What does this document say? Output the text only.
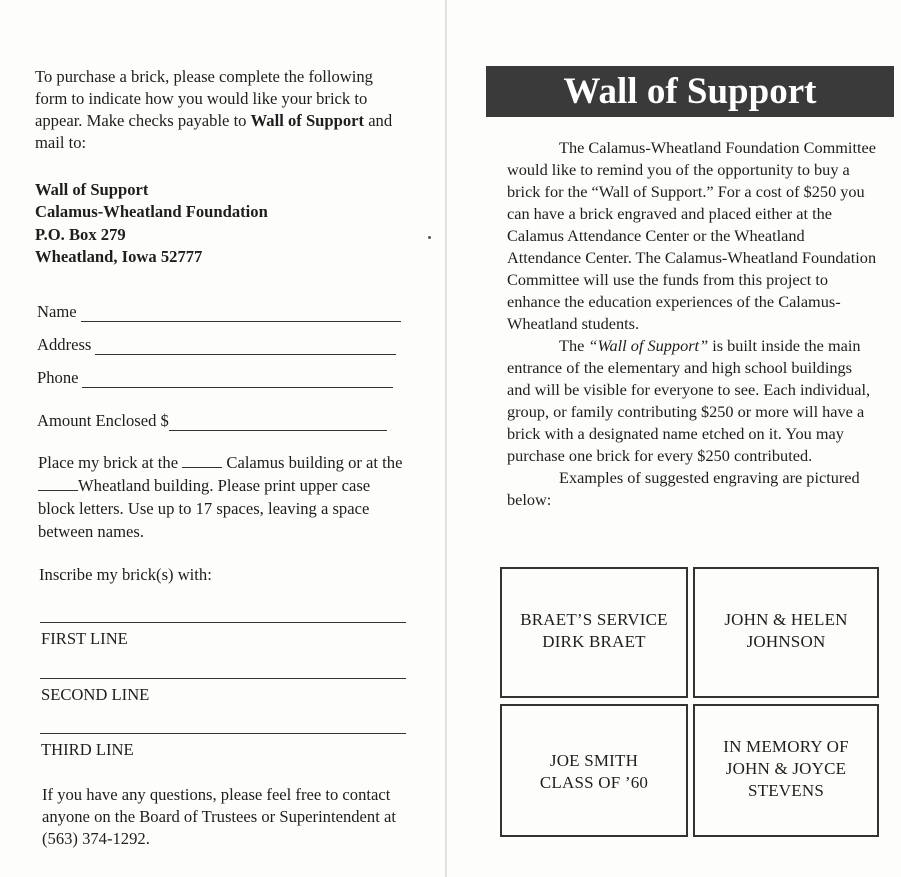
To purchase a brick, please complete the following form to indicate how you would like your brick to appear. Make checks payable to Wall of Support and mail to:

Wall of Support
Calamus-Wheatland Foundation
P.O. Box 279
Wheatland, Iowa 52777
Name
Address
Phone
Amount Enclosed $

Place my brick at the	Calamus building or at the Wheatland building. Please print upper case block letters. Use up to 17 spaces, leaving a space between names.

Inscribe my brick(s) with:

FIRST LINE
SECOND LINE
THIRD LINE

If you have any questions, please feel free to contact anyone on the Board of Trustees or Superintendent at (563) 374-1292.

Wall of Support

The Calamus-Wheatland Foundation Committee would like to remind you of the opportunity to buy a brick for the “Wall of Support.” For a cost of $250 you can have a brick engraved and placed either at the Calamus Attendance Center or the Wheatland Attendance Center. The Calamus-Wheatland Foundation Committee will use the funds from this project to enhance the education experiences of the Calamus-Wheatland students.

The “Wall of Support” is built inside the main entrance of the elementary and high school buildings and will be visible for everyone to see. Each individual, group, or family contributing $250 or more will have a brick with a designated name etched on it. You may purchase one brick for every $250 contributed.

Examples of suggested engraving are pictured below:

BRAET’S SERVICE
DIRK BRAET
JOHN & HELEN
JOHNSON
JOE SMITH
CLASS OF ’60
IN MEMORY OF
JOHN & JOYCE
STEVENS
